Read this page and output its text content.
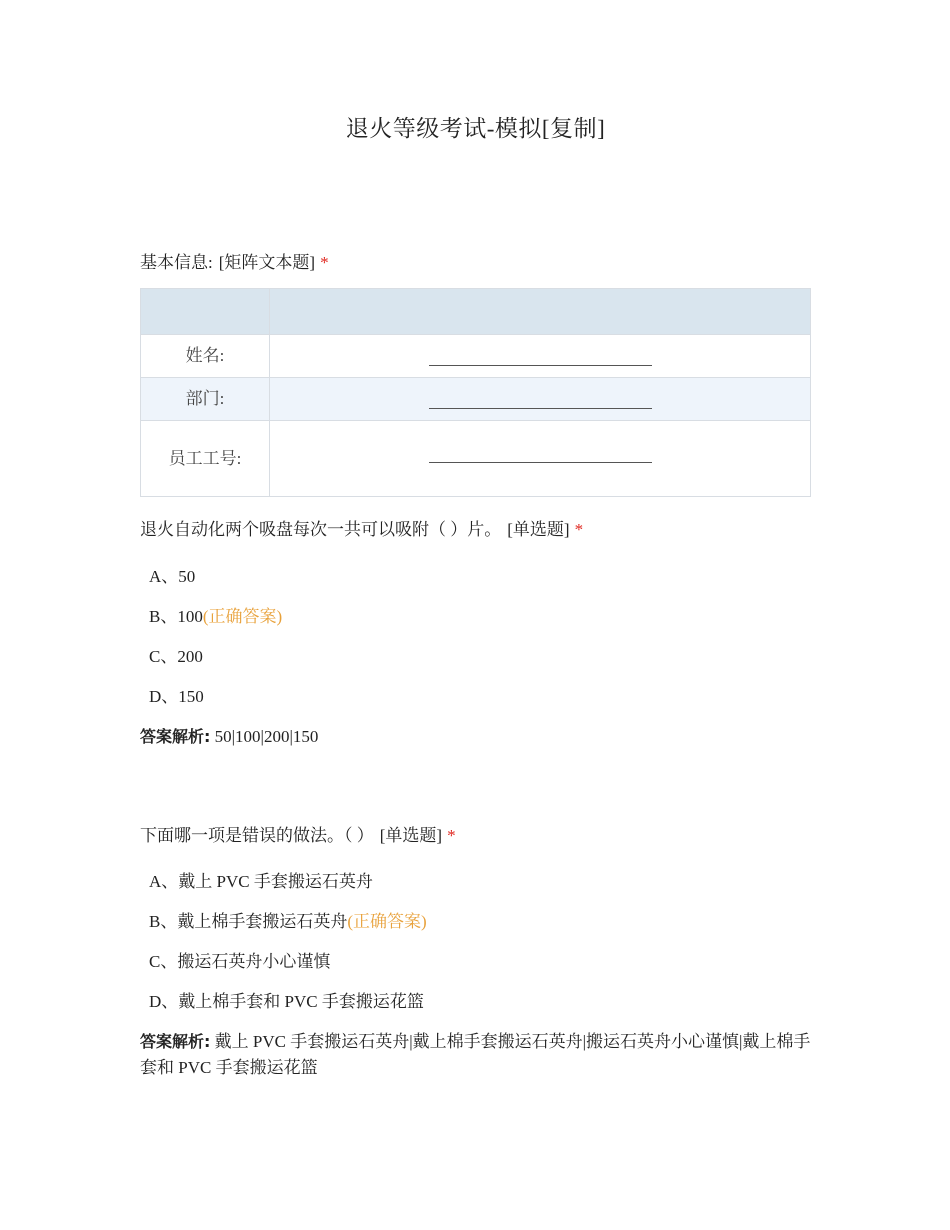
退火等级考试-模拟[复制]
基本信息: [矩阵文本题] *

姓名:	
部门:	
员工工号:	
退火自动化两个吸盘每次一共可以吸附（ ）片。 [单选题] *
A、50
B、100(正确答案)
C、200
D、150
答案解析: 50|100|200|150
下面哪一项是错误的做法。（ ） [单选题] *
A、戴上 PVC 手套搬运石英舟
B、戴上棉手套搬运石英舟(正确答案)
C、搬运石英舟小心谨慎
D、戴上棉手套和 PVC 手套搬运花篮
答案解析: 戴上 PVC 手套搬运石英舟|戴上棉手套搬运石英舟|搬运石英舟小心谨慎|戴上棉手套和 PVC 手套搬运花篮
